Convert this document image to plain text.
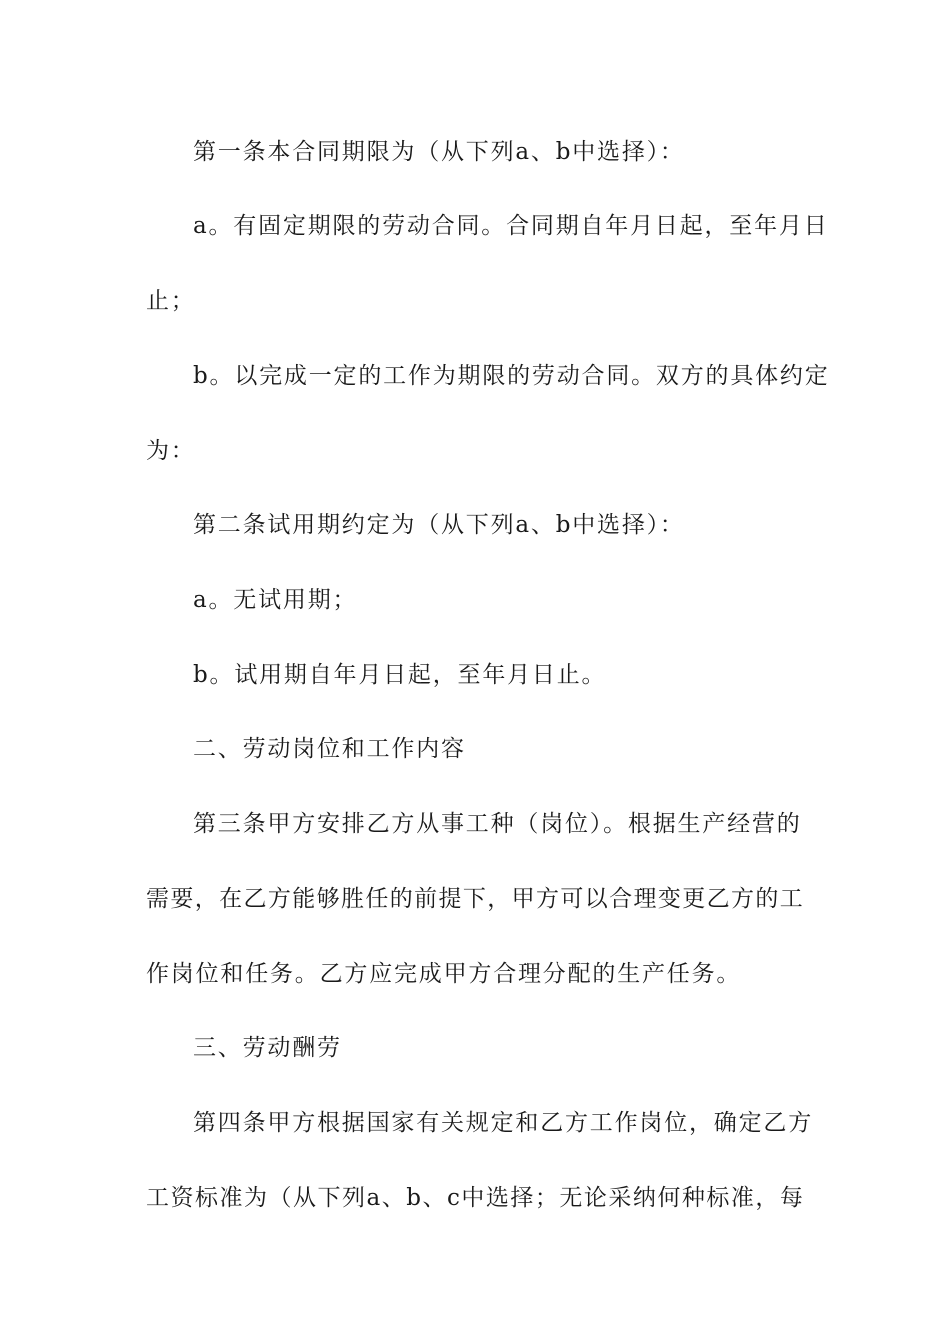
第一条本合同期限为（从下列a、b中选择）：
a。有固定期限的劳动合同。合同期自年月日起，至年月日
止；
b。以完成一定的工作为期限的劳动合同。双方的具体约定
为：
第二条试用期约定为（从下列a、b中选择）：
a。无试用期；
b。试用期自年月日起，至年月日止。
二、劳动岗位和工作内容
第三条甲方安排乙方从事工种（岗位）。根据生产经营的
需 要 ， 在 乙 方 能 够 胜 任 的 前 提 下 ， 甲 方 可 以 合 理 变 更 乙 方 的 工
作岗位和任务。乙方应完成甲方合理分配的生产任务。
三、劳动酬劳
第四条甲方根据国家有关规定和乙方工作岗位，确定乙方
工 资 标 准 为 （ 从 下 列 a 、 b 、 c 中 选 择 ； 无 论 采 纳 何 种 标 准 ， 每
